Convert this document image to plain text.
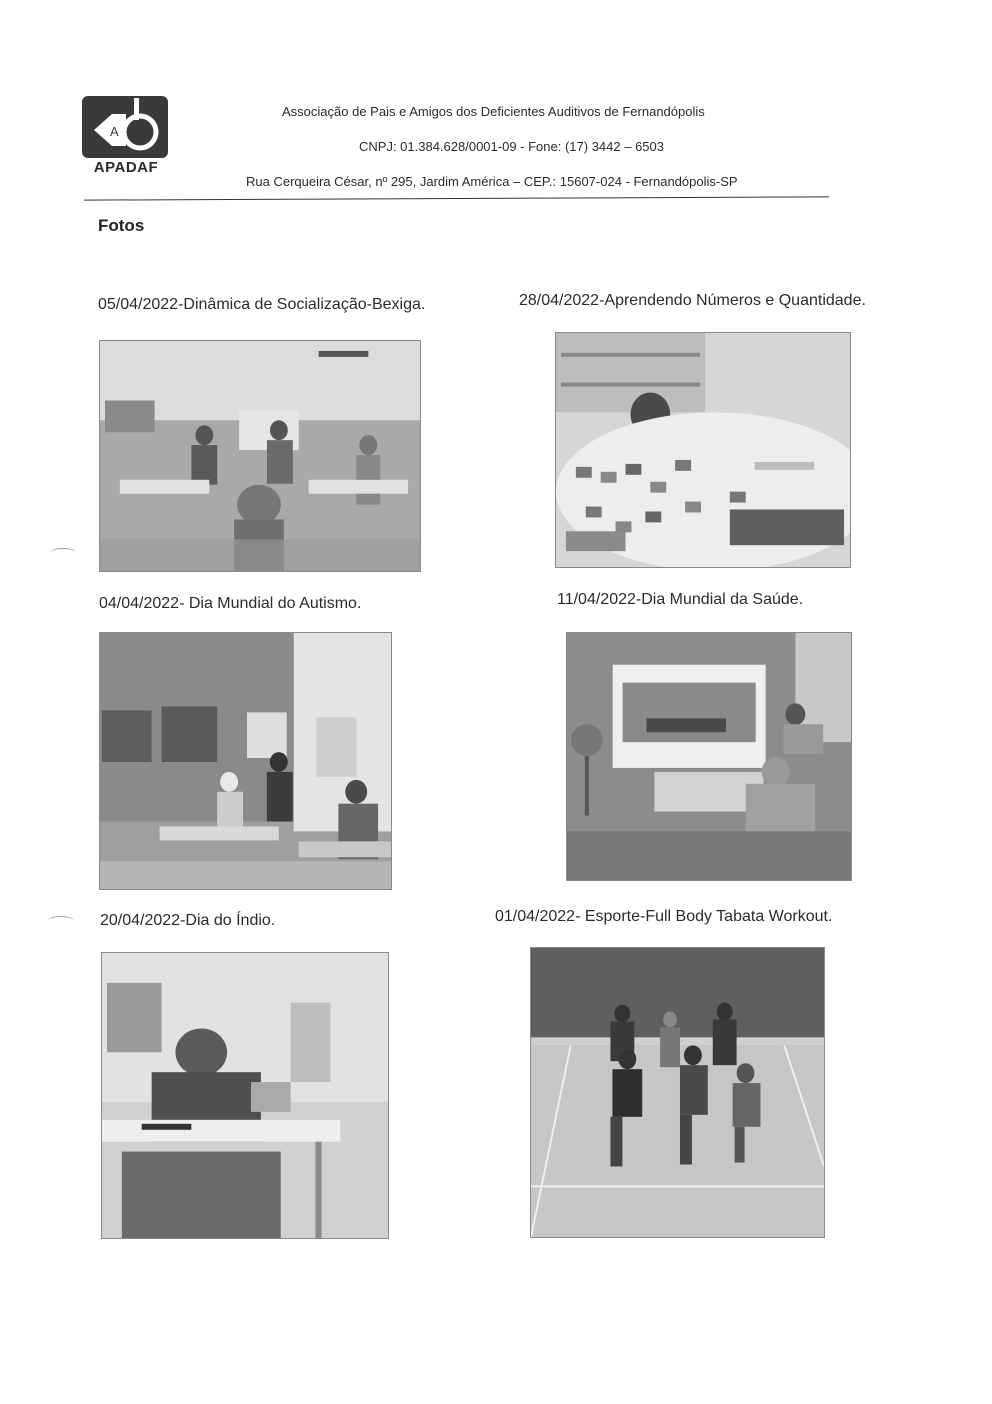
A
APADAF
Associação de Pais e Amigos dos Deficientes Auditivos de Fernandópolis
CNPJ: 01.384.628/0001-09 - Fone: (17) 3442 – 6503
Rua Cerqueira César, nº 295, Jardim América – CEP.: 15607-024 - Fernandópolis-SP
Fotos
05/04/2022-Dinâmica de Socialização-Bexiga.	28/04/2022-Aprendendo Números e Quantidade.
04/04/2022- Dia Mundial do Autismo.	11/04/2022-Dia Mundial da Saúde.
20/04/2022-Dia do Índio.	01/04/2022- Esporte-Full Body Tabata Workout.
